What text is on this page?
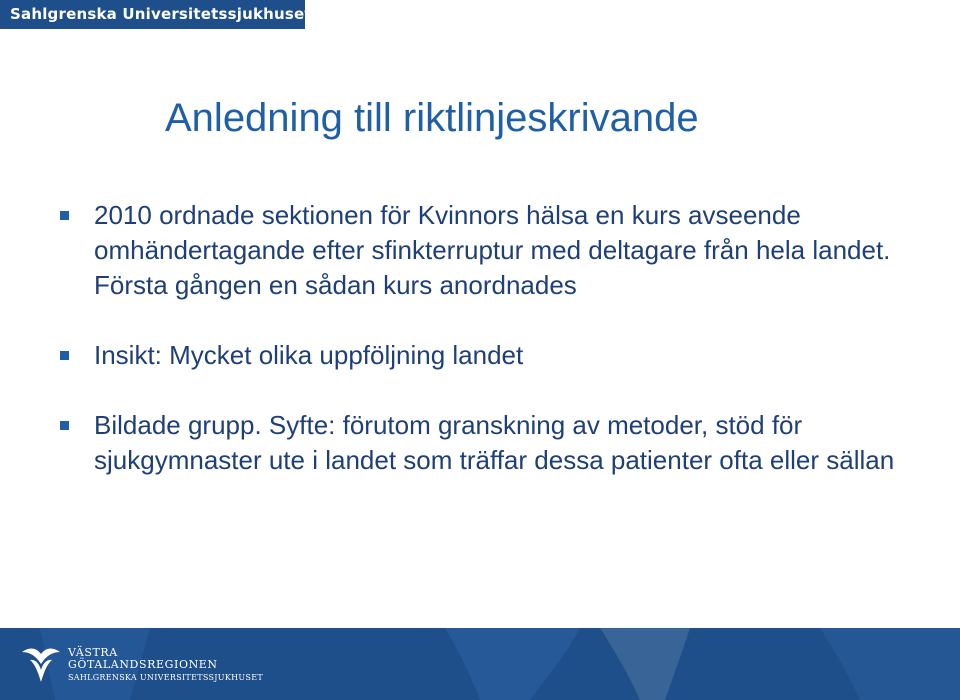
Sahlgrenska Universitetssjukhuset
Anledning till riktlinjeskrivande
2010 ordnade sektionen för Kvinnors hälsa en kurs avseende omhändertagande efter sfinkterruptur med deltagare från hela landet. Första gången en sådan kurs anordnades
Insikt: Mycket olika uppföljning landet
Bildade grupp. Syfte: förutom granskning av metoder, stöd för sjukgymnaster ute i landet som träffar dessa patienter ofta eller sällan
VÄSTRA
GÖTALANDSREGIONEN
SAHLGRENSKA UNIVERSITETSSJUKHUSET
